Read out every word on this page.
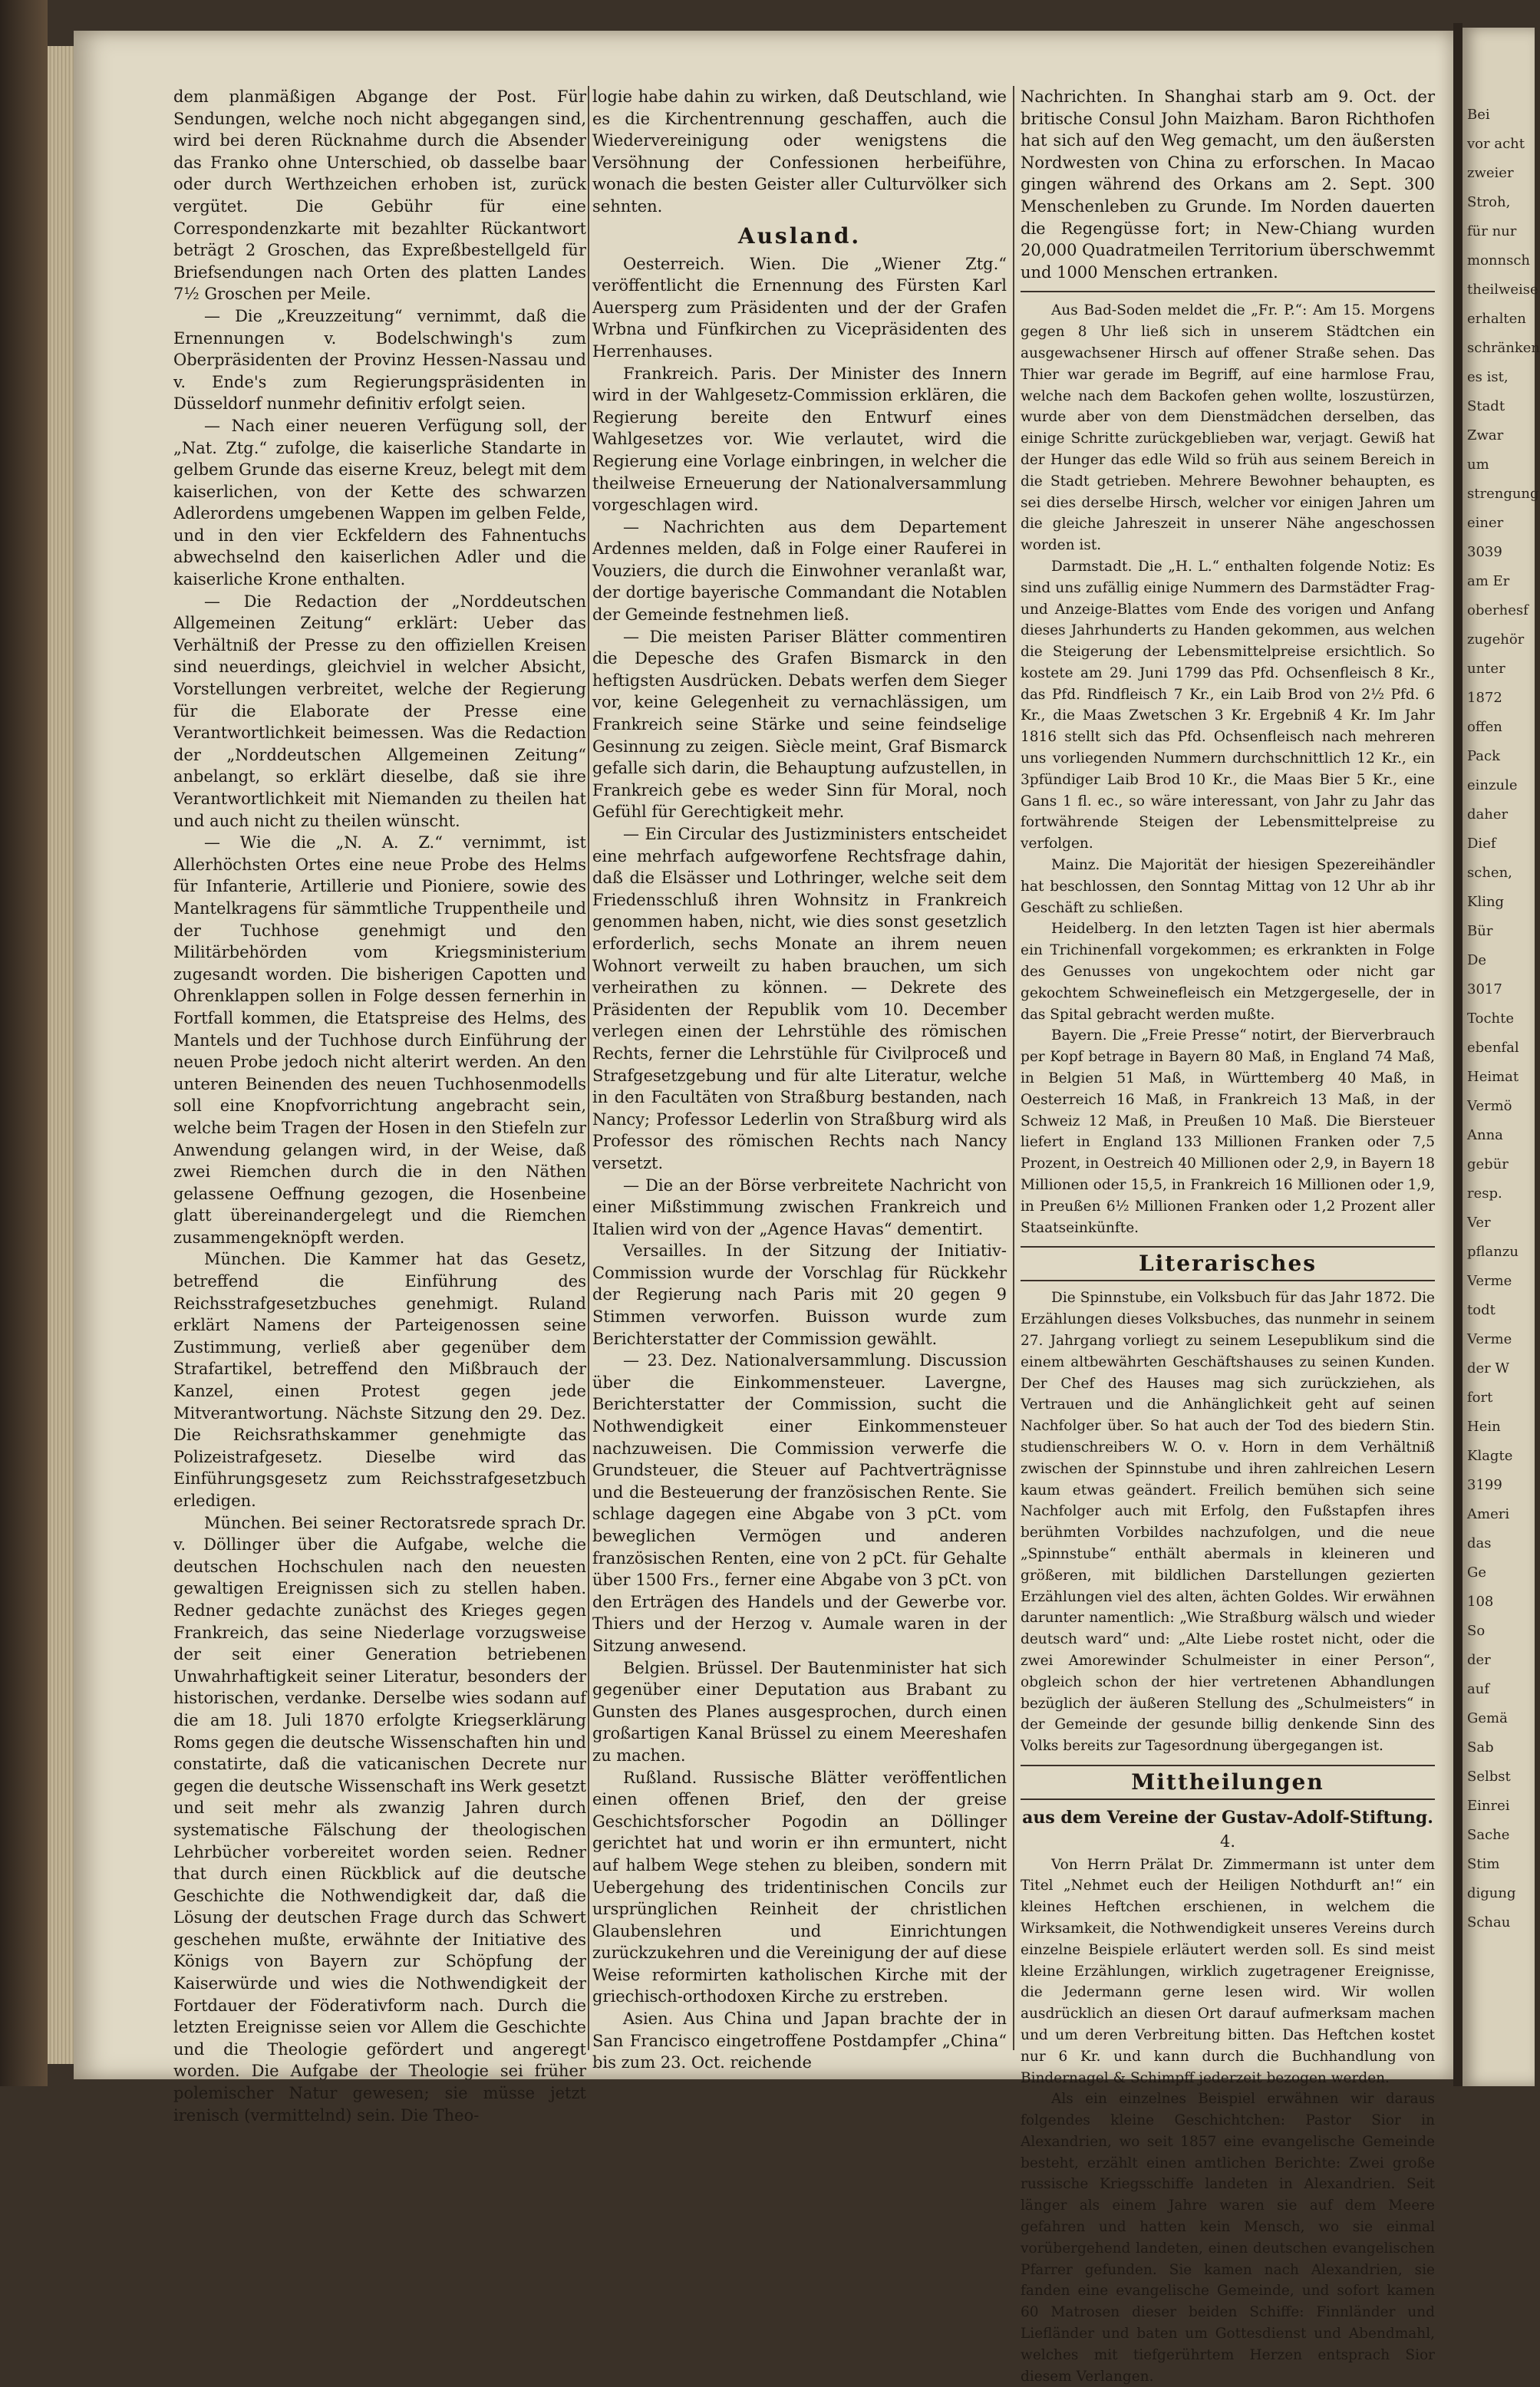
dem planmäßigen Abgange der Post. Für Sendungen, welche noch nicht abgegangen sind, wird bei deren Rücknahme durch die Absender das Franko ohne Unterschied, ob dasselbe baar oder durch Werthzeichen erhoben ist, zurück vergütet. Die Gebühr für eine Correspondenzkarte mit bezahlter Rückantwort beträgt 2 Groschen, das Expreßbestellgeld für Briefsendungen nach Orten des platten Landes 7½ Groschen per Meile.

— Die „Kreuzzeitung“ vernimmt, daß die Ernennungen v. Bodelschwingh's zum Oberpräsidenten der Provinz Hessen-Nassau und v. Ende's zum Regierungspräsidenten in Düsseldorf nunmehr definitiv erfolgt seien.

— Nach einer neueren Verfügung soll, der „Nat. Ztg.“ zufolge, die kaiserliche Standarte in gelbem Grunde das eiserne Kreuz, belegt mit dem kaiserlichen, von der Kette des schwarzen Adlerordens umgebenen Wappen im gelben Felde, und in den vier Eckfeldern des Fahnentuchs abwechselnd den kaiserlichen Adler und die kaiserliche Krone enthalten.

— Die Redaction der „Norddeutschen Allgemeinen Zeitung“ erklärt: Ueber das Verhältniß der Presse zu den offiziellen Kreisen sind neuerdings, gleichviel in welcher Absicht, Vorstellungen verbreitet, welche der Regierung für die Elaborate der Presse eine Verantwortlichkeit beimessen. Was die Redaction der „Norddeutschen Allgemeinen Zeitung“ anbelangt, so erklärt dieselbe, daß sie ihre Verantwortlichkeit mit Niemanden zu theilen hat und auch nicht zu theilen wünscht.

— Wie die „N. A. Z.“ vernimmt, ist Allerhöchsten Ortes eine neue Probe des Helms für Infanterie, Artillerie und Pioniere, sowie des Mantelkragens für sämmtliche Truppentheile und der Tuchhose genehmigt und den Militärbehörden vom Kriegsministerium zugesandt worden. Die bisherigen Capotten und Ohrenklappen sollen in Folge dessen fernerhin in Fortfall kommen, die Etatspreise des Helms, des Mantels und der Tuchhose durch Einführung der neuen Probe jedoch nicht alterirt werden. An den unteren Beinenden des neuen Tuchhosenmodells soll eine Knopfvorrichtung angebracht sein, welche beim Tragen der Hosen in den Stiefeln zur Anwendung gelangen wird, in der Weise, daß zwei Riemchen durch die in den Näthen gelassene Oeffnung gezogen, die Hosenbeine glatt übereinandergelegt und die Riemchen zusammengeknöpft werden.

München. Die Kammer hat das Gesetz, betreffend die Einführung des Reichsstrafgesetzbuches genehmigt. Ruland erklärt Namens der Parteigenossen seine Zustimmung, verließ aber gegenüber dem Strafartikel, betreffend den Mißbrauch der Kanzel, einen Protest gegen jede Mitverantwortung. Nächste Sitzung den 29. Dez. Die Reichsrathskammer genehmigte das Polizeistrafgesetz. Dieselbe wird das Einführungsgesetz zum Reichsstrafgesetzbuch erledigen.

München. Bei seiner Rectoratsrede sprach Dr. v. Döllinger über die Aufgabe, welche die deutschen Hochschulen nach den neuesten gewaltigen Ereignissen sich zu stellen haben. Redner gedachte zunächst des Krieges gegen Frankreich, das seine Niederlage vorzugsweise der seit einer Generation betriebenen Unwahrhaftigkeit seiner Literatur, besonders der historischen, verdanke. Derselbe wies sodann auf die am 18. Juli 1870 erfolgte Kriegserklärung Roms gegen die deutsche Wissenschaften hin und constatirte, daß die vaticanischen Decrete nur gegen die deutsche Wissenschaft ins Werk gesetzt und seit mehr als zwanzig Jahren durch systematische Fälschung der theologischen Lehrbücher vorbereitet worden seien. Redner that durch einen Rückblick auf die deutsche Geschichte die Nothwendigkeit dar, daß die Lösung der deutschen Frage durch das Schwert geschehen mußte, erwähnte der Initiative des Königs von Bayern zur Schöpfung der Kaiserwürde und wies die Nothwendigkeit der Fortdauer der Föderativform nach. Durch die letzten Ereignisse seien vor Allem die Geschichte und die Theologie gefördert und angeregt worden. Die Aufgabe der Theologie sei früher polemischer Natur gewesen; sie müsse jetzt irenisch (vermittelnd) sein. Die Theo-

logie habe dahin zu wirken, daß Deutschland, wie es die Kirchentrennung geschaffen, auch die Wiedervereinigung oder wenigstens die Versöhnung der Confessionen herbeiführe, wonach die besten Geister aller Culturvölker sich sehnten.

Ausland.

Oesterreich. Wien. Die „Wiener Ztg.“ veröffentlicht die Ernennung des Fürsten Karl Auersperg zum Präsidenten und der der Grafen Wrbna und Fünfkirchen zu Vicepräsidenten des Herrenhauses.

Frankreich. Paris. Der Minister des Innern wird in der Wahlgesetz-Commission erklären, die Regierung bereite den Entwurf eines Wahlgesetzes vor. Wie verlautet, wird die Regierung eine Vorlage einbringen, in welcher die theilweise Erneuerung der Nationalversammlung vorgeschlagen wird.

— Nachrichten aus dem Departement Ardennes melden, daß in Folge einer Rauferei in Vouziers, die durch die Einwohner veranlaßt war, der dortige bayerische Commandant die Notablen der Gemeinde festnehmen ließ.

— Die meisten Pariser Blätter commentiren die Depesche des Grafen Bismarck in den heftigsten Ausdrücken. Debats werfen dem Sieger vor, keine Gelegenheit zu vernachlässigen, um Frankreich seine Stärke und seine feindselige Gesinnung zu zeigen. Siècle meint, Graf Bismarck gefalle sich darin, die Behauptung aufzustellen, in Frankreich gebe es weder Sinn für Moral, noch Gefühl für Gerechtigkeit mehr.

— Ein Circular des Justizministers entscheidet eine mehrfach aufgeworfene Rechtsfrage dahin, daß die Elsässer und Lothringer, welche seit dem Friedensschluß ihren Wohnsitz in Frankreich genommen haben, nicht, wie dies sonst gesetzlich erforderlich, sechs Monate an ihrem neuen Wohnort verweilt zu haben brauchen, um sich verheirathen zu können. — Dekrete des Präsidenten der Republik vom 10. December verlegen einen der Lehrstühle des römischen Rechts, ferner die Lehrstühle für Civilproceß und Strafgesetzgebung und für alte Literatur, welche in den Facultäten von Straßburg bestanden, nach Nancy; Professor Lederlin von Straßburg wird als Professor des römischen Rechts nach Nancy versetzt.

— Die an der Börse verbreitete Nachricht von einer Mißstimmung zwischen Frankreich und Italien wird von der „Agence Havas“ dementirt.

Versailles. In der Sitzung der Initiativ-Commission wurde der Vorschlag für Rückkehr der Regierung nach Paris mit 20 gegen 9 Stimmen verworfen. Buisson wurde zum Berichterstatter der Commission gewählt.

— 23. Dez. Nationalversammlung. Discussion über die Einkommensteuer. Lavergne, Berichterstatter der Commission, sucht die Nothwendigkeit einer Einkommensteuer nachzuweisen. Die Commission verwerfe die Grundsteuer, die Steuer auf Pachtverträgnisse und die Besteuerung der französischen Rente. Sie schlage dagegen eine Abgabe von 3 pCt. vom beweglichen Vermögen und anderen französischen Renten, eine von 2 pCt. für Gehalte über 1500 Frs., ferner eine Abgabe von 3 pCt. von den Erträgen des Handels und der Gewerbe vor. Thiers und der Herzog v. Aumale waren in der Sitzung anwesend.

Belgien. Brüssel. Der Bautenminister hat sich gegenüber einer Deputation aus Brabant zu Gunsten des Planes ausgesprochen, durch einen großartigen Kanal Brüssel zu einem Meereshafen zu machen.

Rußland. Russische Blätter veröffentlichen einen offenen Brief, den der greise Geschichtsforscher Pogodin an Döllinger gerichtet hat und worin er ihn ermuntert, nicht auf halbem Wege stehen zu bleiben, sondern mit Uebergehung des tridentinischen Concils zur ursprünglichen Reinheit der christlichen Glaubenslehren und Einrichtungen zurückzukehren und die Vereinigung der auf diese Weise reformirten katholischen Kirche mit der griechisch-orthodoxen Kirche zu erstreben.

Asien. Aus China und Japan brachte der in San Francisco eingetroffene Postdampfer „China“ bis zum 23. Oct. reichende

Nachrichten. In Shanghai starb am 9. Oct. der britische Consul John Maizham. Baron Richthofen hat sich auf den Weg gemacht, um den äußersten Nordwesten von China zu erforschen. In Macao gingen während des Orkans am 2. Sept. 300 Menschenleben zu Grunde. Im Norden dauerten die Regengüsse fort; in New-Chiang wurden 20,000 Quadratmeilen Territorium überschwemmt und 1000 Menschen ertranken.

Aus Bad-Soden meldet die „Fr. P.“: Am 15. Morgens gegen 8 Uhr ließ sich in unserem Städtchen ein ausgewachsener Hirsch auf offener Straße sehen. Das Thier war gerade im Begriff, auf eine harmlose Frau, welche nach dem Backofen gehen wollte, loszustürzen, wurde aber von dem Dienstmädchen derselben, das einige Schritte zurückgeblieben war, verjagt. Gewiß hat der Hunger das edle Wild so früh aus seinem Bereich in die Stadt getrieben. Mehrere Bewohner behaupten, es sei dies derselbe Hirsch, welcher vor einigen Jahren um die gleiche Jahreszeit in unserer Nähe angeschossen worden ist.

Darmstadt. Die „H. L.“ enthalten folgende Notiz: Es sind uns zufällig einige Nummern des Darmstädter Frag- und Anzeige-Blattes vom Ende des vorigen und Anfang dieses Jahrhunderts zu Handen gekommen, aus welchen die Steigerung der Lebensmittelpreise ersichtlich. So kostete am 29. Juni 1799 das Pfd. Ochsenfleisch 8 Kr., das Pfd. Rindfleisch 7 Kr., ein Laib Brod von 2½ Pfd. 6 Kr., die Maas Zwetschen 3 Kr. Ergebniß 4 Kr. Im Jahr 1816 stellt sich das Pfd. Ochsenfleisch nach mehreren uns vorliegenden Nummern durchschnittlich 12 Kr., ein 3pfündiger Laib Brod 10 Kr., die Maas Bier 5 Kr., eine Gans 1 fl. ec., so wäre interessant, von Jahr zu Jahr das fortwährende Steigen der Lebensmittelpreise zu verfolgen.

Mainz. Die Majorität der hiesigen Spezereihändler hat beschlossen, den Sonntag Mittag von 12 Uhr ab ihr Geschäft zu schließen.

Heidelberg. In den letzten Tagen ist hier abermals ein Trichinenfall vorgekommen; es erkrankten in Folge des Genusses von ungekochtem oder nicht gar gekochtem Schweinefleisch ein Metzgergeselle, der in das Spital gebracht werden mußte.

Bayern. Die „Freie Presse“ notirt, der Bierverbrauch per Kopf betrage in Bayern 80 Maß, in England 74 Maß, in Belgien 51 Maß, in Württemberg 40 Maß, in Oesterreich 16 Maß, in Frankreich 13 Maß, in der Schweiz 12 Maß, in Preußen 10 Maß. Die Biersteuer liefert in England 133 Millionen Franken oder 7,5 Prozent, in Oestreich 40 Millionen oder 2,9, in Bayern 18 Millionen oder 15,5, in Frankreich 16 Millionen oder 1,9, in Preußen 6½ Millionen Franken oder 1,2 Prozent aller Staatseinkünfte.

Literarisches

Die Spinnstube, ein Volksbuch für das Jahr 1872. Die Erzählungen dieses Volksbuches, das nunmehr in seinem 27. Jahrgang vorliegt zu seinem Lesepublikum sind die einem altbewährten Geschäftshauses zu seinen Kunden. Der Chef des Hauses mag sich zurückziehen, als Vertrauen und die Anhänglichkeit geht auf seinen Nachfolger über. So hat auch der Tod des biedern Stin. studienschreibers W. O. v. Horn in dem Verhältniß zwischen der Spinnstube und ihren zahlreichen Lesern kaum etwas geändert. Freilich bemühen sich seine Nachfolger auch mit Erfolg, den Fußstapfen ihres berühmten Vorbildes nachzufolgen, und die neue „Spinnstube“ enthält abermals in kleineren und größeren, mit bildlichen Darstellungen gezierten Erzählungen viel des alten, ächten Goldes. Wir erwähnen darunter namentlich: „Wie Straßburg wälsch und wieder deutsch ward“ und: „Alte Liebe rostet nicht, oder die zwei Amorewinder Schulmeister in einer Person“, obgleich schon der hier vertretenen Abhandlungen bezüglich der äußeren Stellung des „Schulmeisters“ in der Gemeinde der gesunde billig denkende Sinn des Volks bereits zur Tagesordnung übergegangen ist.

Mittheilungen
aus dem Vereine der Gustav-Adolf-Stiftung.
4.

Von Herrn Prälat Dr. Zimmermann ist unter dem Titel „Nehmet euch der Heiligen Nothdurft an!“ ein kleines Heftchen erschienen, in welchem die Wirksamkeit, die Nothwendigkeit unseres Vereins durch einzelne Beispiele erläutert werden soll. Es sind meist kleine Erzählungen, wirklich zugetragener Ereignisse, die Jedermann gerne lesen wird. Wir wollen ausdrücklich an diesen Ort darauf aufmerksam machen und um deren Verbreitung bitten. Das Heftchen kostet nur 6 Kr. und kann durch die Buchhandlung von Bindernagel & Schimpff jederzeit bezogen werden.

Als ein einzelnes Beispiel erwähnen wir daraus folgendes kleine Geschichtchen: Pastor Sior in Alexandrien, wo seit 1857 eine evangelische Gemeinde besteht, erzählt einen amtlichen Berichte: Zwei große russische Kriegsschiffe landeten in Alexandrien. Seit länger als einem Jahre waren sie auf dem Meere gefahren und hatten kein Mensch, wo sie einmal vorübergehend landeten, einen deutschen evangelischen Pfarrer gefunden. Sie kamen nach Alexandrien, sie fanden eine evangelische Gemeinde, und sofort kamen 60 Matrosen dieser beiden Schiffe: Finnländer und Liefländer und baten um Gottesdienst und Abendmahl, welches mit tiefgerührtem Herzen entsprach Sior diesem Verlangen.

Bei
vor acht
zweier
Stroh,
für nur
monnsch
theilweise
erhalten
schränken
es ist,
Stadt
Zwar
um
strengung
einer
3039
am Er
oberhesf
zugehör
unter
1872
offen
Pack
einzule
daher
Dief
schen,
Kling
Bür
De
3017
Tochte
ebenfal
Heimat
Vermö
Anna
gebür
resp.
Ver
pflanzu
Verme
todt
Verme
der W
fort
Hein
Klagte
3199
Ameri
das
Ge
108
So
der
auf
Gemä
Sab
Selbst
Einrei
Sache
Stim
digung
Schau
